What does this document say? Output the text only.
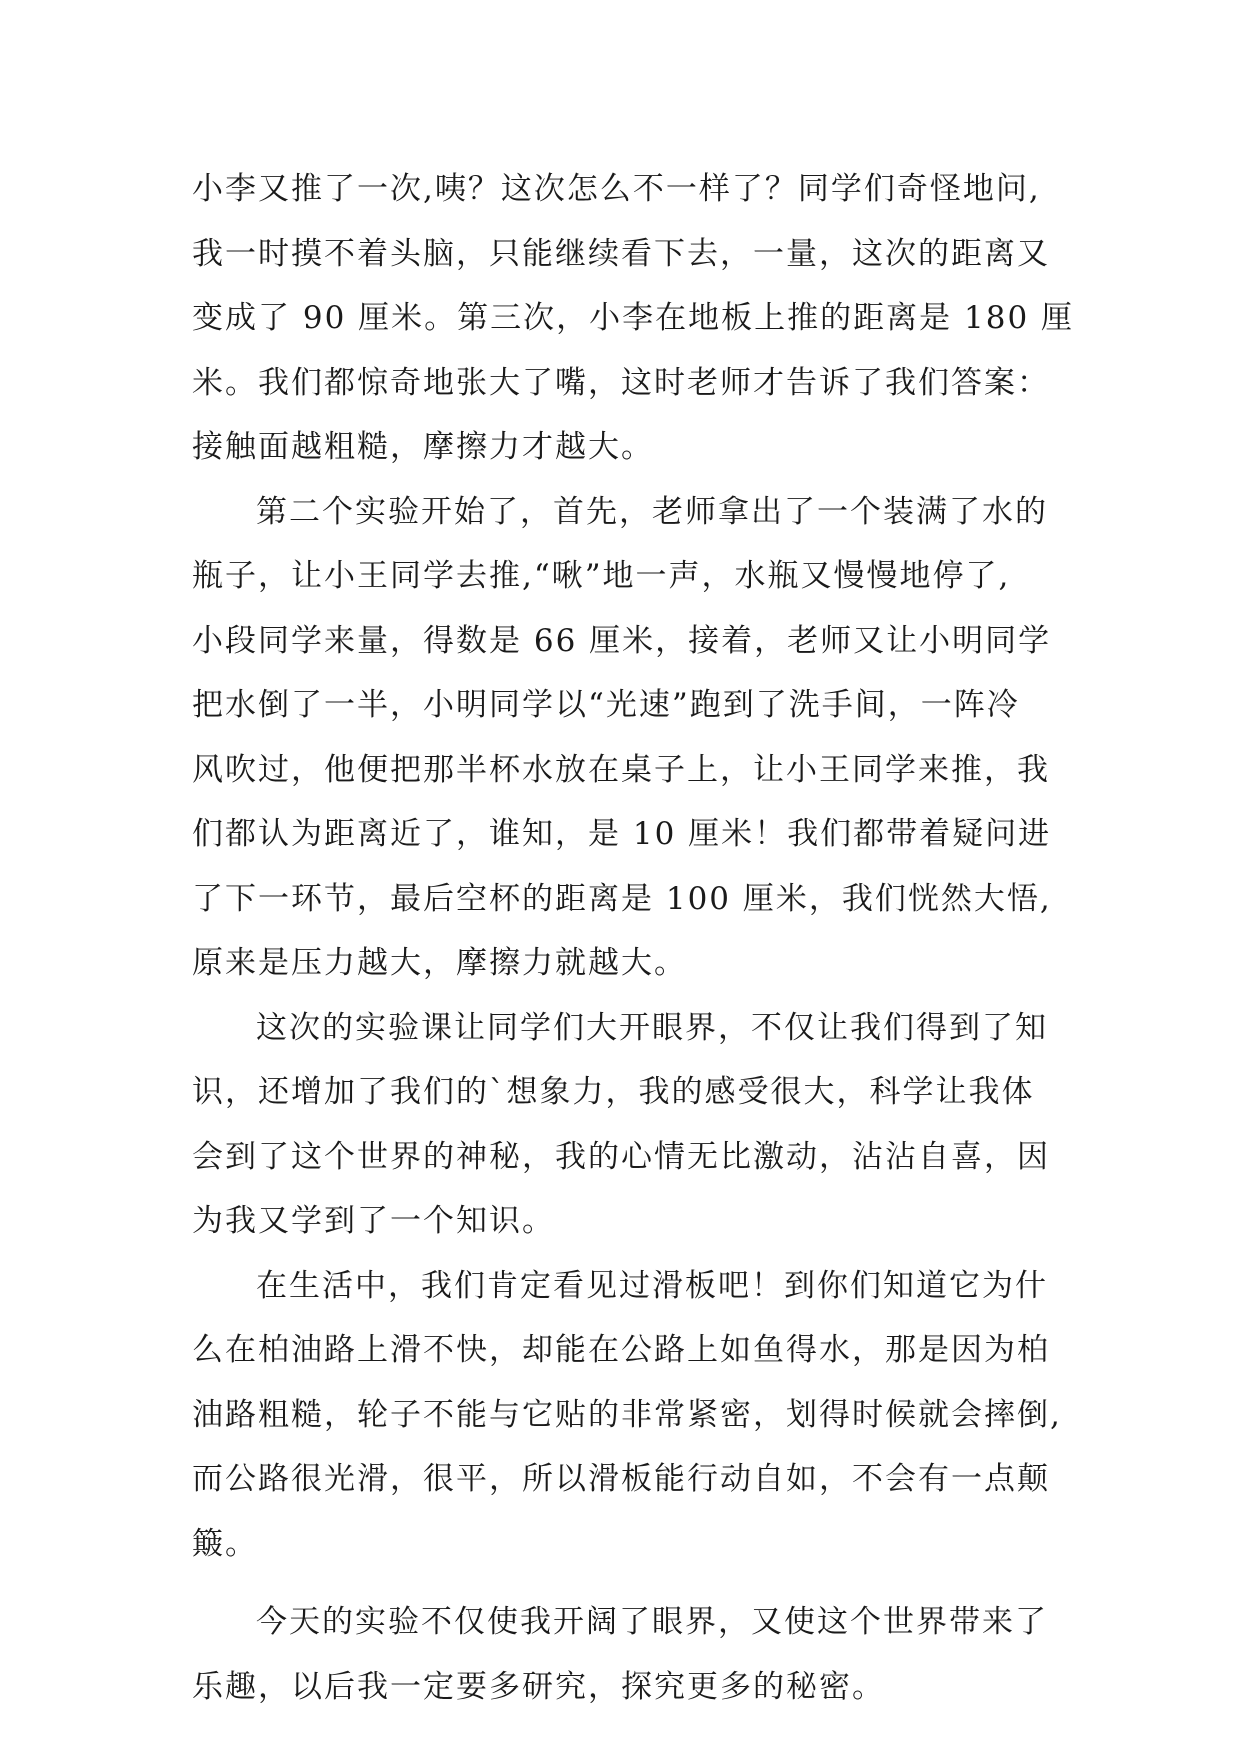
小李又推了一次,咦？这次怎么不一样了？同学们奇怪地问,
我一时摸不着头脑，只能继续看下去，一量，这次的距离又
变成了 90 厘米。第三次，小李在地板上推的距离是 180 厘
米。我们都惊奇地张大了嘴，这时老师才告诉了我们答案：
接触面越粗糙，摩擦力才越大。
第二个实验开始了，首先，老师拿出了一个装满了水的
瓶子，让小王同学去推,“啾”地一声，水瓶又慢慢地停了,
小段同学来量，得数是 66 厘米，接着，老师又让小明同学
把水倒了一半，小明同学以“光速”跑到了洗手间，一阵冷
风吹过，他便把那半杯水放在桌子上，让小王同学来推，我
们都认为距离近了，谁知，是 10 厘米！我们都带着疑问进
了下一环节，最后空杯的距离是 100 厘米，我们恍然大悟,
原来是压力越大，摩擦力就越大。
这次的实验课让同学们大开眼界，不仅让我们得到了知
识，还增加了我们的`想象力，我的感受很大，科学让我体
会到了这个世界的神秘，我的心情无比激动，沾沾自喜，因
为我又学到了一个知识。
在生活中，我们肯定看见过滑板吧！到你们知道它为什
么在柏油路上滑不快，却能在公路上如鱼得水，那是因为柏
油路粗糙，轮子不能与它贴的非常紧密，划得时候就会摔倒,
而公路很光滑，很平，所以滑板能行动自如，不会有一点颠
簸。
今天的实验不仅使我开阔了眼界，又使这个世界带来了
乐趣，以后我一定要多研究，探究更多的秘密。
